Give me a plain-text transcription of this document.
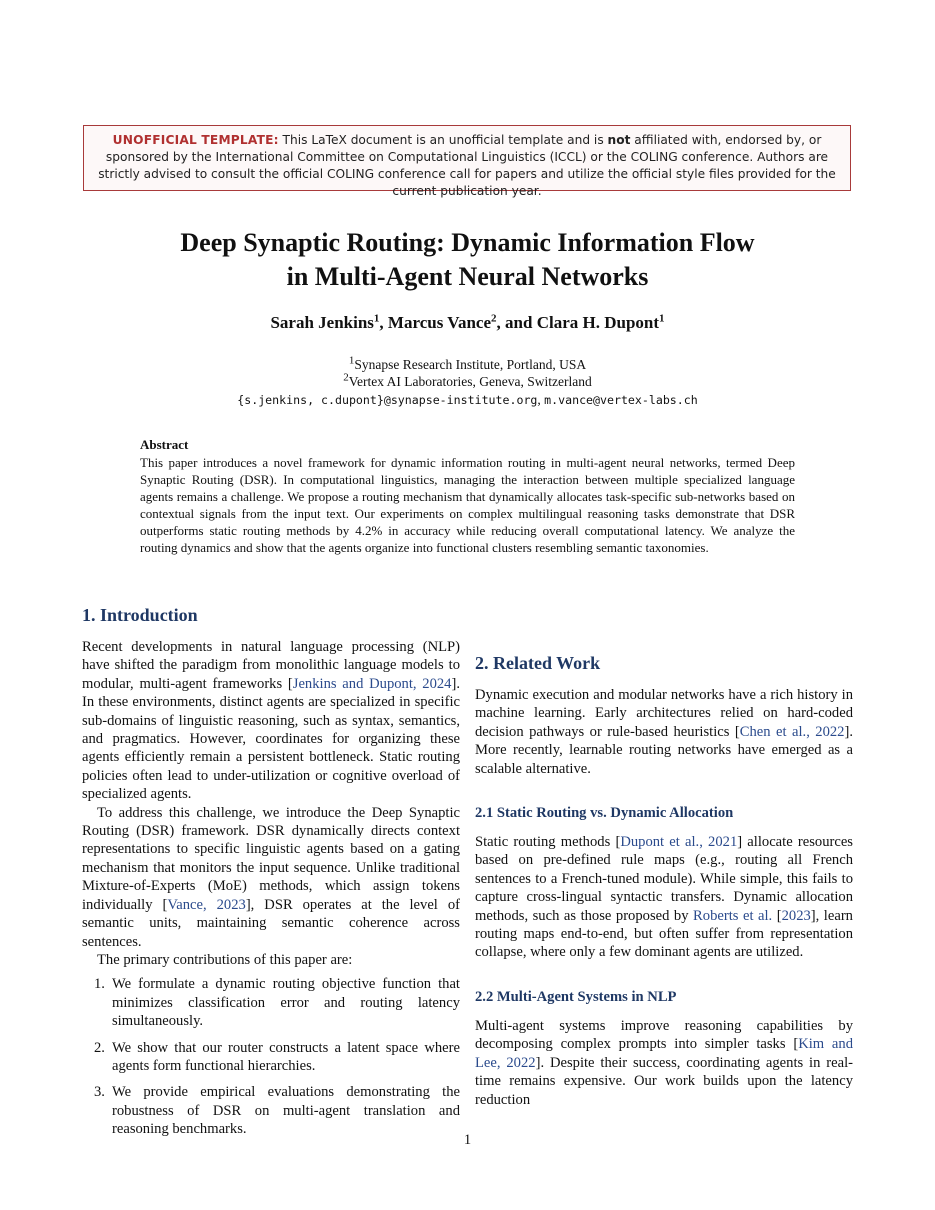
UNOFFICIAL TEMPLATE: This LaTeX document is an unofficial template and is not affiliated with, endorsed by, or sponsored by the International Committee on Computational Linguistics (ICCL) or the COLING conference. Authors are strictly advised to consult the official COLING conference call for papers and utilize the official style files provided for the current publication year.
Deep Synaptic Routing: Dynamic Information Flow
in Multi-Agent Neural Networks
Sarah Jenkins$^1$, Marcus Vance$^2$, and Clara H. Dupont$^1$
$^1$Synapse Research Institute, Portland, USA
$^2$Vertex AI Laboratories, Geneva, Switzerland
{s.jenkins, c.dupont}@synapse-institute.org, m.vance@vertex-labs.ch
Abstract
This paper introduces a novel framework for dynamic information routing in multi-agent neural networks, termed Deep Synaptic Routing (DSR). In computational linguistics, managing the interaction between multiple specialized language agents remains a challenge. We propose a routing mechanism that dynamically allocates task-specific sub-networks based on contextual signals from the input text. Our experiments on complex multilingual reasoning tasks demonstrate that DSR outperforms static routing methods by 4.2% in accuracy while reducing overall computational latency. We analyze the routing dynamics and show that the agents organize into functional clusters resembling semantic taxonomies.
1. Introduction

Recent developments in natural language processing (NLP) have shifted the paradigm from monolithic language models to modular, multi-agent frameworks [Jenkins and Dupont, 2024]. In these environments, distinct agents are specialized in specific sub-domains of linguistic reasoning, such as syntax, semantics, and pragmatics. However, coordinates for organizing these agents efficiently remain a persistent bottleneck. Static routing policies often lead to under-utilization or cognitive overload of specialized agents.

To address this challenge, we introduce the Deep Synaptic Routing (DSR) framework. DSR dynamically directs context representations to specific linguistic agents based on a gating mechanism that monitors the input sequence. Unlike traditional Mixture-of-Experts (MoE) methods, which assign tokens individually [Vance, 2023], DSR operates at the level of semantic units, maintaining semantic coherence across sentences.

The primary contributions of this paper are:

1. We formulate a dynamic routing objective function that minimizes classification error and routing latency simultaneously.
2. We show that our router constructs a latent space where agents form functional hierarchies.
3. We provide empirical evaluations demonstrating the robustness of DSR on multi-agent translation and reasoning benchmarks.
2. Related Work

Dynamic execution and modular networks have a rich history in machine learning. Early architectures relied on hard-coded decision pathways or rule-based heuristics [Chen et al., 2022]. More recently, learnable routing networks have emerged as a scalable alternative.

2.1 Static Routing vs. Dynamic Allocation

Static routing methods [Dupont et al., 2021] allocate resources based on pre-defined rule maps (e.g., routing all French sentences to a French-tuned module). While simple, this fails to capture cross-lingual syntactic transfers. Dynamic allocation methods, such as those proposed by Roberts et al. [2023], learn routing maps end-to-end, but often suffer from representation collapse, where only a few dominant agents are utilized.

2.2 Multi-Agent Systems in NLP

Multi-agent systems improve reasoning capabilities by decomposing complex prompts into simpler tasks [Kim and Lee, 2022]. Despite their success, coordinating agents in real-time remains expensive. Our work builds upon the latency reduction

1
